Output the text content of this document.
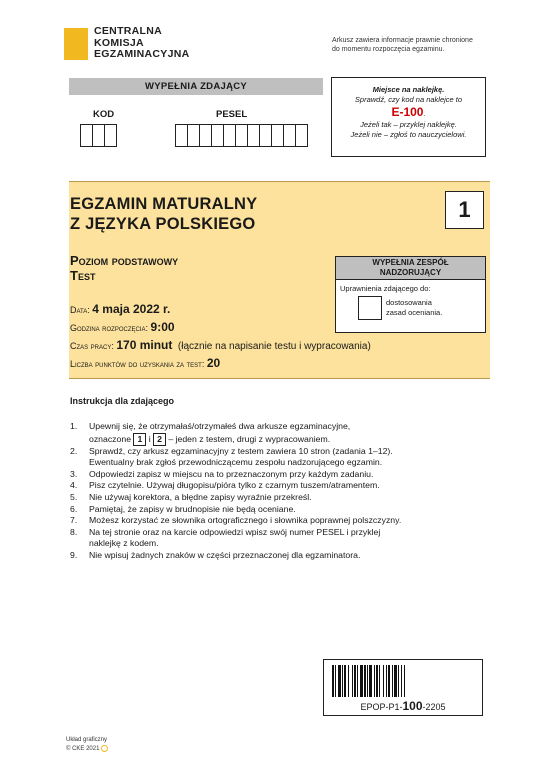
CENTRALNA
KOMISJA
EGZAMINACYJNA
Arkusz zawiera informacje prawnie chronione
do momentu rozpoczęcia egzaminu.
WYPEŁNIA ZDAJĄCY
KOD	PESEL
Miejsce na naklejkę.
Sprawdź, czy kod na naklejce to
E-100.
Jeżeli tak – przyklej naklejkę.
Jeżeli nie – zgłoś to nauczycielowi.
EGZAMIN MATURALNY
Z JĘZYKA POLSKIEGO
1
Poziom podstawowy
Test
Data: 4 maja 2022 r.
Godzina rozpoczęcia: 9:00
Czas pracy: 170 minut (łącznie na napisanie testu i wypracowania)
Liczba punktów do uzyskania za test: 20
WYPEŁNIA ZESPÓŁ
NADZORUJĄCY
Uprawnienia zdającego do:
dostosowania
zasad oceniania.
Instrukcja dla zdającego
1. Upewnij się, że otrzymałaś/otrzymałeś dwa arkusze egzaminacyjne,
oznaczone 1 i 2 – jeden z testem, drugi z wypracowaniem.
2. Sprawdź, czy arkusz egzaminacyjny z testem zawiera 10 stron (zadania 1–12).
Ewentualny brak zgłoś przewodniczącemu zespołu nadzorującego egzamin.
3. Odpowiedzi zapisz w miejscu na to przeznaczonym przy każdym zadaniu.
4. Pisz czytelnie. Używaj długopisu/pióra tylko z czarnym tuszem/atramentem.
5. Nie używaj korektora, a błędne zapisy wyraźnie przekreśl.
6. Pamiętaj, że zapisy w brudnopisie nie będą oceniane.
7. Możesz korzystać ze słownika ortograficznego i słownika poprawnej polszczyzny.
8. Na tej stronie oraz na karcie odpowiedzi wpisz swój numer PESEL i przyklej
naklejkę z kodem.
9. Nie wpisuj żadnych znaków w części przeznaczonej dla egzaminatora.
EPOP-P1-100-2205
Układ graficzny
© CKE 2021
